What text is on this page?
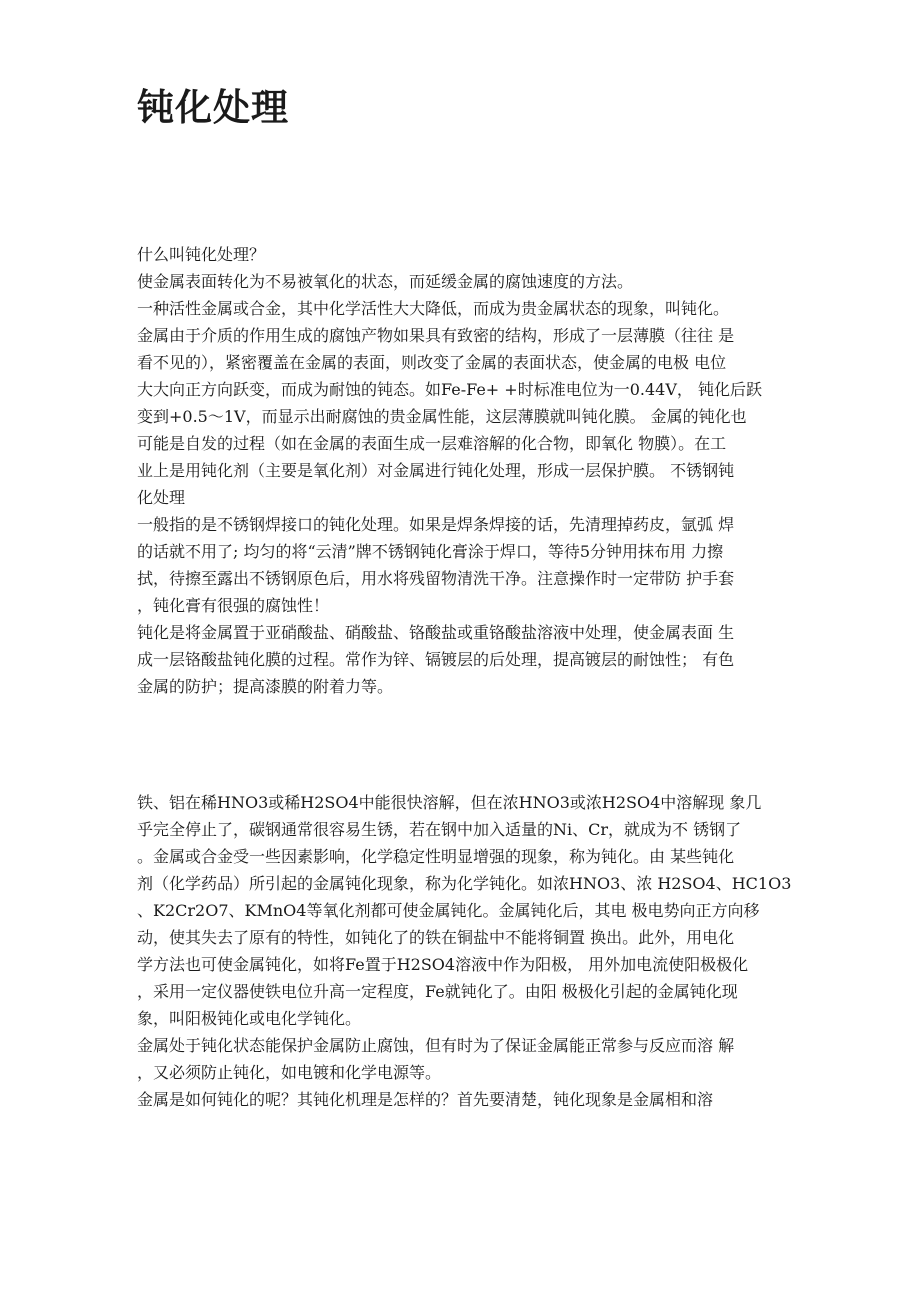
钝化处理

什么叫钝化处理？

使金属表面转化为不易被氧化的状态，而延缓金属的腐蚀速度的方法。

一种活性金属或合金，其中化学活性大大降低，而成为贵金属状态的现象，叫钝化。

金属由于介质的作用生成的腐蚀产物如果具有致密的结构，形成了一层薄膜（往往 是

看不见的），紧密覆盖在金属的表面，则改变了金属的表面状态，使金属的电极 电位

大大向正方向跃变，而成为耐蚀的钝态。如Fe-Fe+ +时标准电位为一0.44V， 钝化后跃

变到+0.5～1V，而显示出耐腐蚀的贵金属性能，这层薄膜就叫钝化膜。 金属的钝化也

可能是自发的过程（如在金属的表面生成一层难溶解的化合物，即氧化 物膜）。在工

业上是用钝化剂（主要是氧化剂）对金属进行钝化处理，形成一层保护膜。 不锈钢钝

化处理

一般指的是不锈钢焊接口的钝化处理。如果是焊条焊接的话，先清理掉药皮，氩弧 焊

的话就不用了; 均匀的将“云清”牌不锈钢钝化膏涂于焊口，等待5分钟用抹布用 力擦

拭，待擦至露出不锈钢原色后，用水将残留物清洗干净。注意操作时一定带防 护手套

，钝化膏有很强的腐蚀性！

钝化是将金属置于亚硝酸盐、硝酸盐、铬酸盐或重铬酸盐溶液中处理，使金属表面 生

成一层铬酸盐钝化膜的过程。常作为锌、镉镀层的后处理，提高镀层的耐蚀性； 有色

金属的防护；提高漆膜的附着力等。

铁、铝在稀HNO3或稀H2SO4中能很快溶解，但在浓HNO3或浓H2SO4中溶解现 象几

乎完全停止了，碳钢通常很容易生锈，若在钢中加入适量的Ni、Cr，就成为不 锈钢了

。金属或合金受一些因素影响，化学稳定性明显增强的现象，称为钝化。由 某些钝化

剂（化学药品）所引起的金属钝化现象，称为化学钝化。如浓HNO3、浓 H2SO4、HC1O3

、K2Cr2O7、KMnO4等氧化剂都可使金属钝化。金属钝化后，其电 极电势向正方向移

动，使其失去了原有的特性，如钝化了的铁在铜盐中不能将铜置 换出。此外，用电化

学方法也可使金属钝化，如将Fe置于H2SO4溶液中作为阳极， 用外加电流使阳极极化

，采用一定仪器使铁电位升高一定程度，Fe就钝化了。由阳 极极化引起的金属钝化现

象，叫阳极钝化或电化学钝化。

金属处于钝化状态能保护金属防止腐蚀，但有时为了保证金属能正常参与反应而溶 解

，又必须防止钝化，如电镀和化学电源等。

金属是如何钝化的呢？其钝化机理是怎样的？首先要清楚，钝化现象是金属相和溶
